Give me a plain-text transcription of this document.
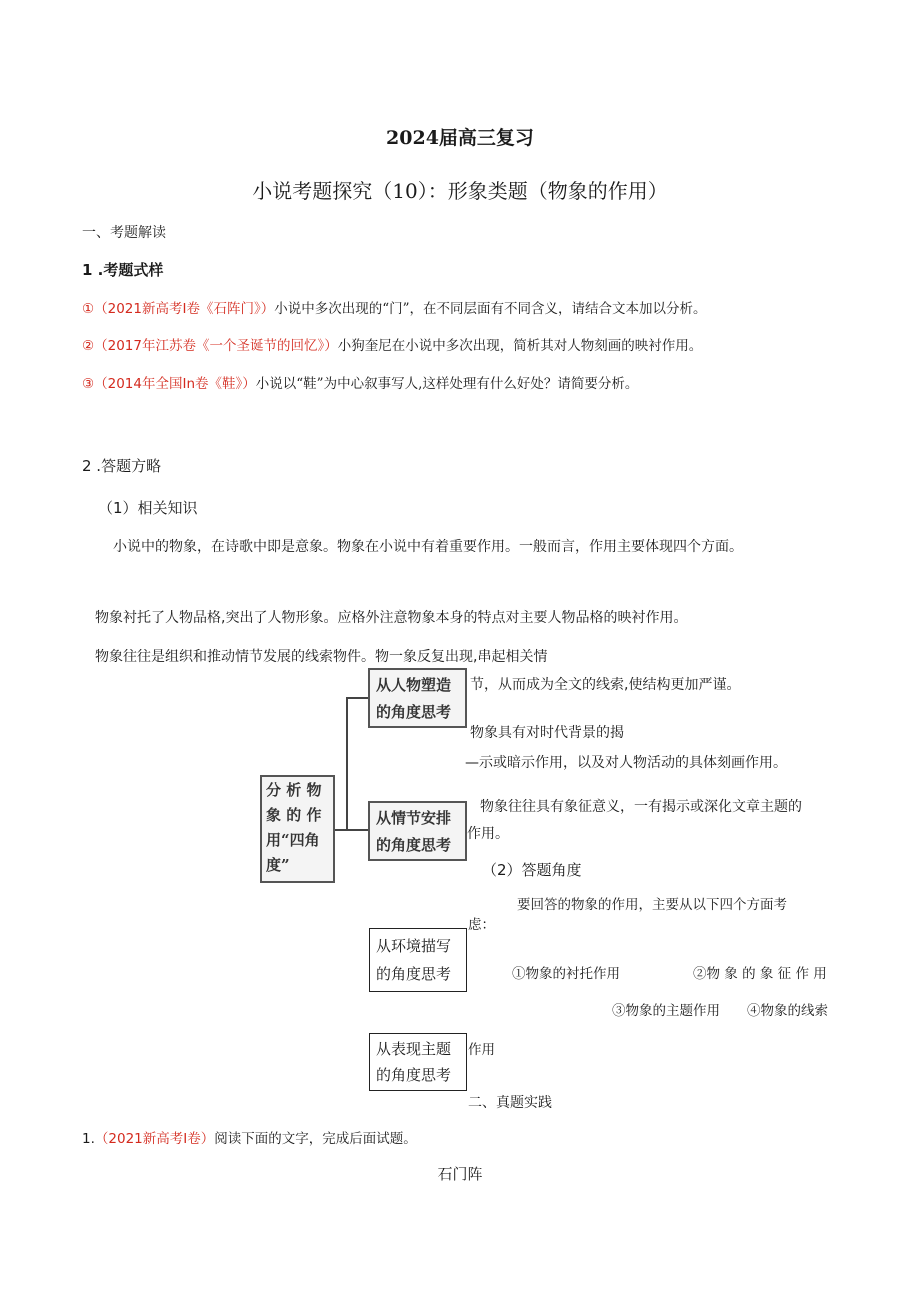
2024届高三复习
小说考题探究（10）：形象类题（物象的作用）
一、考题解读
1 .考题式样
①（2021新高考Ⅰ卷《石阵门》）小说中多次出现的“门”，在不同层面有不同含义，请结合文本加以分析。
②（2017年江苏卷《一个圣诞节的回忆》）小狗奎尼在小说中多次出现，简析其对人物刻画的映衬作用。
③（2014年全国In卷《鞋》）小说以“鞋”为中心叙事写人,这样处理有什么好处？请简要分析。
2 .答题方略
（1）相关知识
小说中的物象，在诗歌中即是意象。物象在小说中有着重要作用。一般而言，作用主要体现四个方面。
物象衬托了人物品格,突出了人物形象。应格外注意物象本身的特点对主要人物品格的映衬作用。
物象往往是组织和推动情节发展的线索物件。物一象反复出现,串起相关情
节，从而成为全文的线索,使结构更加严谨。
物象具有对时代背景的揭
—示或暗示作用，以及对人物活动的具体刻画作用。
物象往往具有象征意义，一有揭示或深化文章主题的
作用。
（2）答题角度
要回答的物象的作用，主要从以下四个方面考
虑：
①物象的衬托作用	②物 象 的 象 征 作 用
③物象的主题作用 ④物象的线索
作用
分 析 物
象 的 作
用“四角
度”
从人物塑造
的角度思考
从情节安排
的角度思考
从环境描写
的角度思考
从表现主题
的角度思考
二、真题实践
1.（2021新高考Ⅰ卷）阅读下面的文字，完成后面试题。
石门阵
